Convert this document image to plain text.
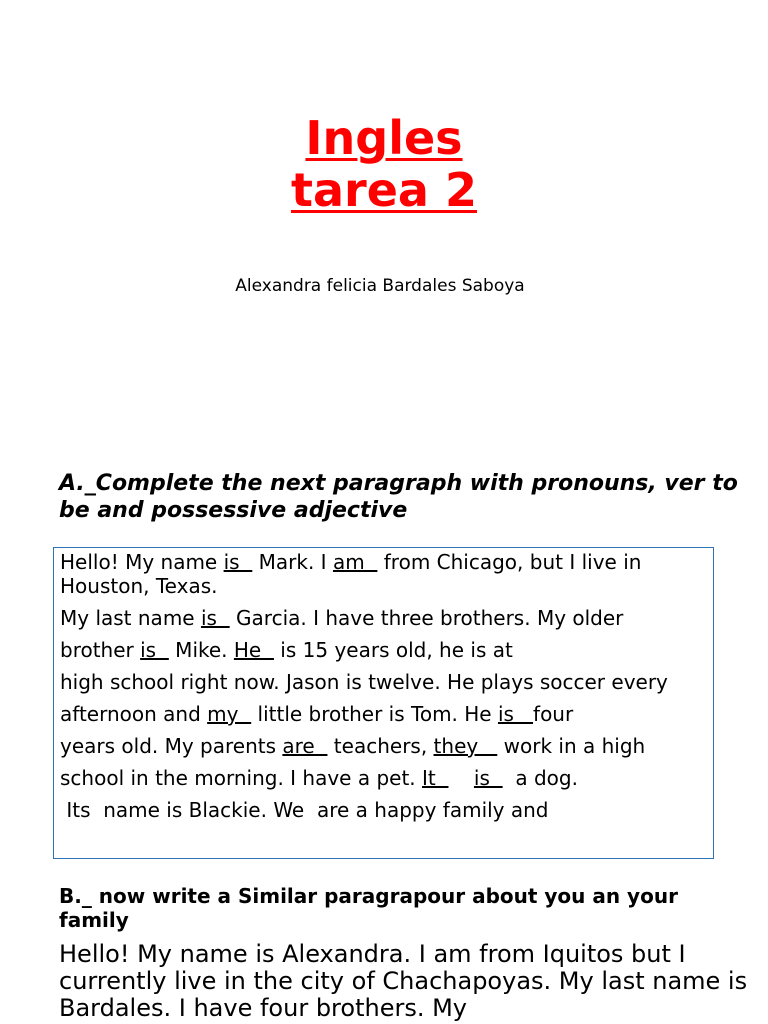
Ingles
tarea 2
Alexandra felicia Bardales Saboya
A._Complete the next paragraph with pronouns, ver to be and possessive adjective

Hello! My name is   Mark. I am   from Chicago, but I live in Houston, Texas.

My last name is   Garcia. I have three brothers. My older

brother is   Mike. He   is 15 years old, he is at

high school right now. Jason is twelve. He plays soccer every

afternoon and my   little brother is Tom. He is   four

years old. My parents are   teachers, they    work in a high

school in the morning. I have a pet. It      is    a dog.

Its  name is Blackie. We  are a happy family and

B._ now write a Similar paragrapour about you an your family
Hello! My name is Alexandra. I am from Iquitos but I currently live in the city of Chachapoyas. My last name is Bardales. I have four brothers. My
